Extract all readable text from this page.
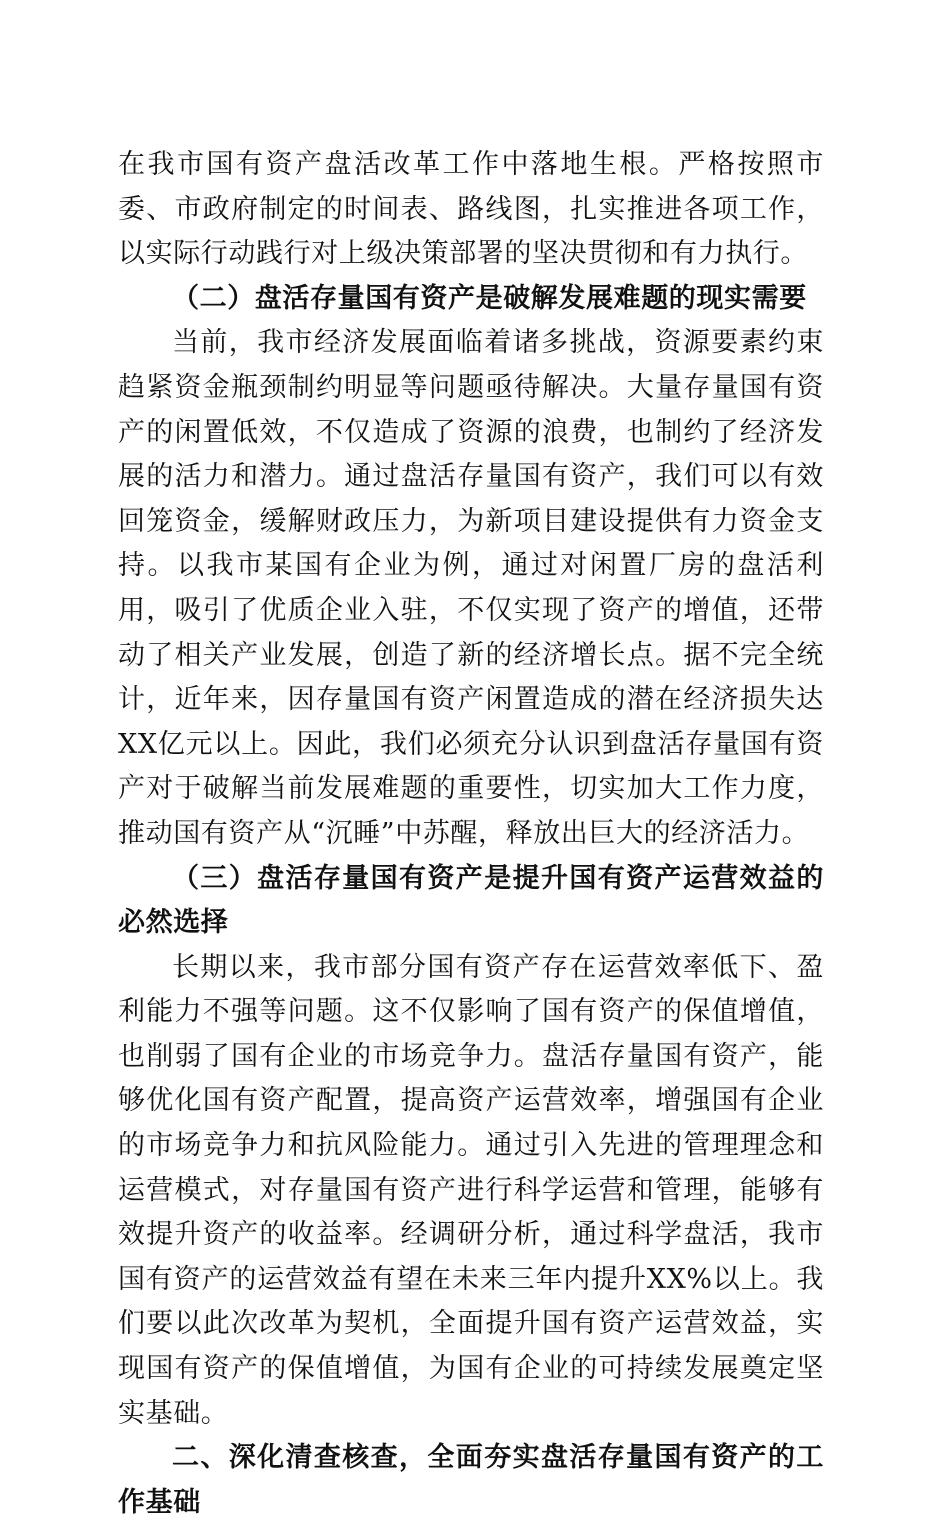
在我市国有资产盘活改革工作中落地生根。严格按照市委、市政府制定的时间表、路线图，扎实推进各项工作，以实际行动践行对上级决策部署的坚决贯彻和有力执行。

（二）盘活存量国有资产是破解发展难题的现实需要

当前，我市经济发展面临着诸多挑战，资源要素约束趋紧资金瓶颈制约明显等问题亟待解决。大量存量国有资产的闲置低效，不仅造成了资源的浪费，也制约了经济发展的活力和潜力。通过盘活存量国有资产，我们可以有效回笼资金，缓解财政压力，为新项目建设提供有力资金支持。以我市某国有企业为例，通过对闲置厂房的盘活利用，吸引了优质企业入驻，不仅实现了资产的增值，还带动了相关产业发展，创造了新的经济增长点。据不完全统计，近年来，因存量国有资产闲置造成的潜在经济损失达XX亿元以上。因此，我们必须充分认识到盘活存量国有资产对于破解当前发展难题的重要性，切实加大工作力度，推动国有资产从“沉睡”中苏醒，释放出巨大的经济活力。

（三）盘活存量国有资产是提升国有资产运营效益的必然选择

长期以来，我市部分国有资产存在运营效率低下、盈利能力不强等问题。这不仅影响了国有资产的保值增值，也削弱了国有企业的市场竞争力。盘活存量国有资产，能够优化国有资产配置，提高资产运营效率，增强国有企业的市场竞争力和抗风险能力。通过引入先进的管理理念和运营模式，对存量国有资产进行科学运营和管理，能够有效提升资产的收益率。经调研分析，通过科学盘活，我市国有资产的运营效益有望在未来三年内提升XX%以上。我们要以此次改革为契机，全面提升国有资产运营效益，实现国有资产的保值增值，为国有企业的可持续发展奠定坚实基础。

二、深化清查核查，全面夯实盘活存量国有资产的工作基础
